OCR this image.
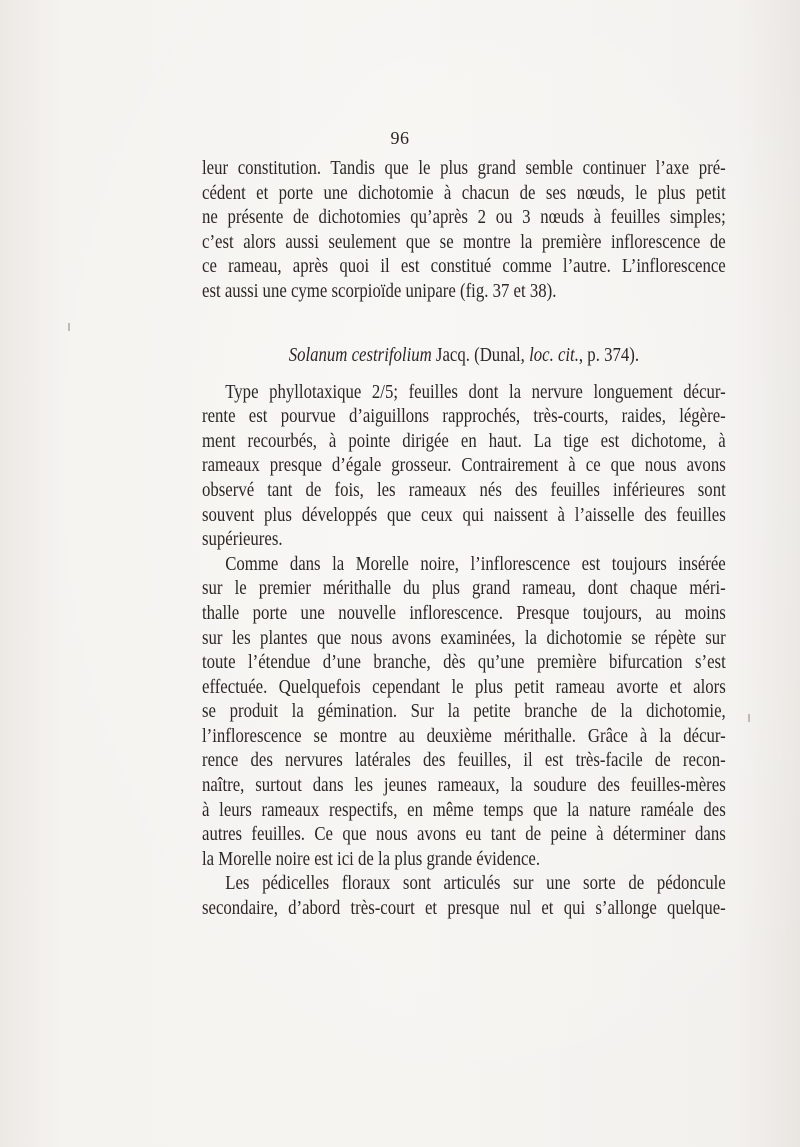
96
leur constitution. Tandis que le plus grand semble continuer l’axe pré-
cédent et porte une dichotomie à chacun de ses nœuds, le plus petit
ne présente de dichotomies qu’après 2 ou 3 nœuds à feuilles simples;
c’est alors aussi seulement que se montre la première inflorescence de
ce rameau, après quoi il est constitué comme l’autre. L’inflorescence
est aussi une cyme scorpioïde unipare (fig. 37 et 38).
Solanum cestrifolium Jacq. (Dunal, loc. cit., p. 374).
Type phyllotaxique 2/5; feuilles dont la nervure longuement décur-
rente est pourvue d’aiguillons rapprochés, très-courts, raides, légère-
ment recourbés, à pointe dirigée en haut. La tige est dichotome, à
rameaux presque d’égale grosseur. Contrairement à ce que nous avons
observé tant de fois, les rameaux nés des feuilles inférieures sont
souvent plus développés que ceux qui naissent à l’aisselle des feuilles
supérieures.
Comme dans la Morelle noire, l’inflorescence est toujours insérée
sur le premier mérithalle du plus grand rameau, dont chaque méri-
thalle porte une nouvelle inflorescence. Presque toujours, au moins
sur les plantes que nous avons examinées, la dichotomie se répète sur
toute l’étendue d’une branche, dès qu’une première bifurcation s’est
effectuée. Quelquefois cependant le plus petit rameau avorte et alors
se produit la gémination. Sur la petite branche de la dichotomie,
l’inflorescence se montre au deuxième mérithalle. Grâce à la décur-
rence des nervures latérales des feuilles, il est très-facile de recon-
naître, surtout dans les jeunes rameaux, la soudure des feuilles-mères
à leurs rameaux respectifs, en même temps que la nature raméale des
autres feuilles. Ce que nous avons eu tant de peine à déterminer dans
la Morelle noire est ici de la plus grande évidence.
Les pédicelles floraux sont articulés sur une sorte de pédoncule
secondaire, d’abord très-court et presque nul et qui s’allonge quelque-
